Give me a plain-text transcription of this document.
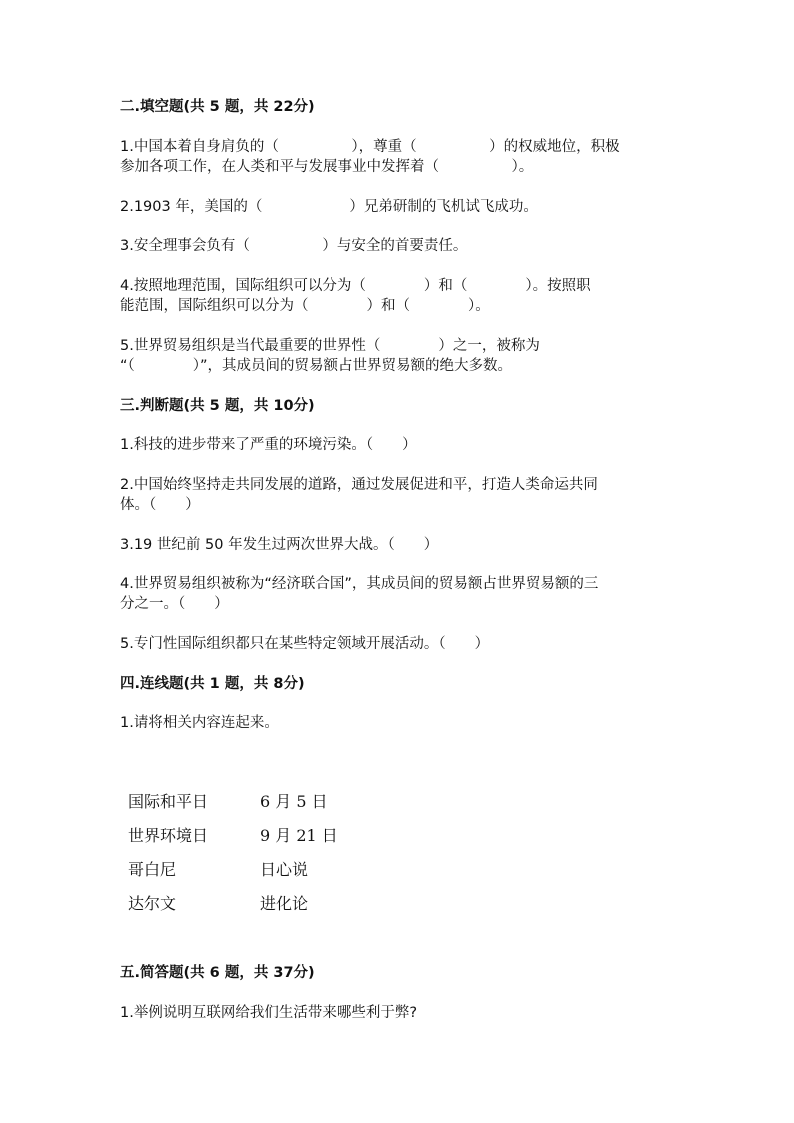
二.填空题(共 5 题，共 22分)

1.中国本着自身肩负的（　　　　　），尊重（　　　　　）的权威地位，积极

参加各项工作，在人类和平与发展事业中发挥着（　　　　　）。

2.1903 年，美国的（　　　　　　）兄弟研制的飞机试飞成功。

3.安全理事会负有（　　　　　）与安全的首要责任。

4.按照地理范围，国际组织可以分为（　　　　）和（　　　　）。按照职

能范围，国际组织可以分为（　　　　）和（　　　　）。

5.世界贸易组织是当代最重要的世界性（　　　　）之一，被称为

“（　　　　）”，其成员间的贸易额占世界贸易额的绝大多数。

三.判断题(共 5 题，共 10分)

1.科技的进步带来了严重的环境污染。（　　）

2.中国始终坚持走共同发展的道路，通过发展促进和平，打造人类命运共同

体。（　　）

3.19 世纪前 50 年发生过两次世界大战。（　　）

4.世界贸易组织被称为“经济联合国”，其成员间的贸易额占世界贸易额的三

分之一。（　　）

5.专门性国际组织都只在某些特定领域开展活动。（　　）

四.连线题(共 1 题，共 8分)

1.请将相关内容连起来。

国际和平日	6 月 5 日
世界环境日	9 月 21 日
哥白尼	日心说
达尔文	进化论

五.简答题(共 6 题，共 37分)

1.举例说明互联网给我们生活带来哪些利于弊?
